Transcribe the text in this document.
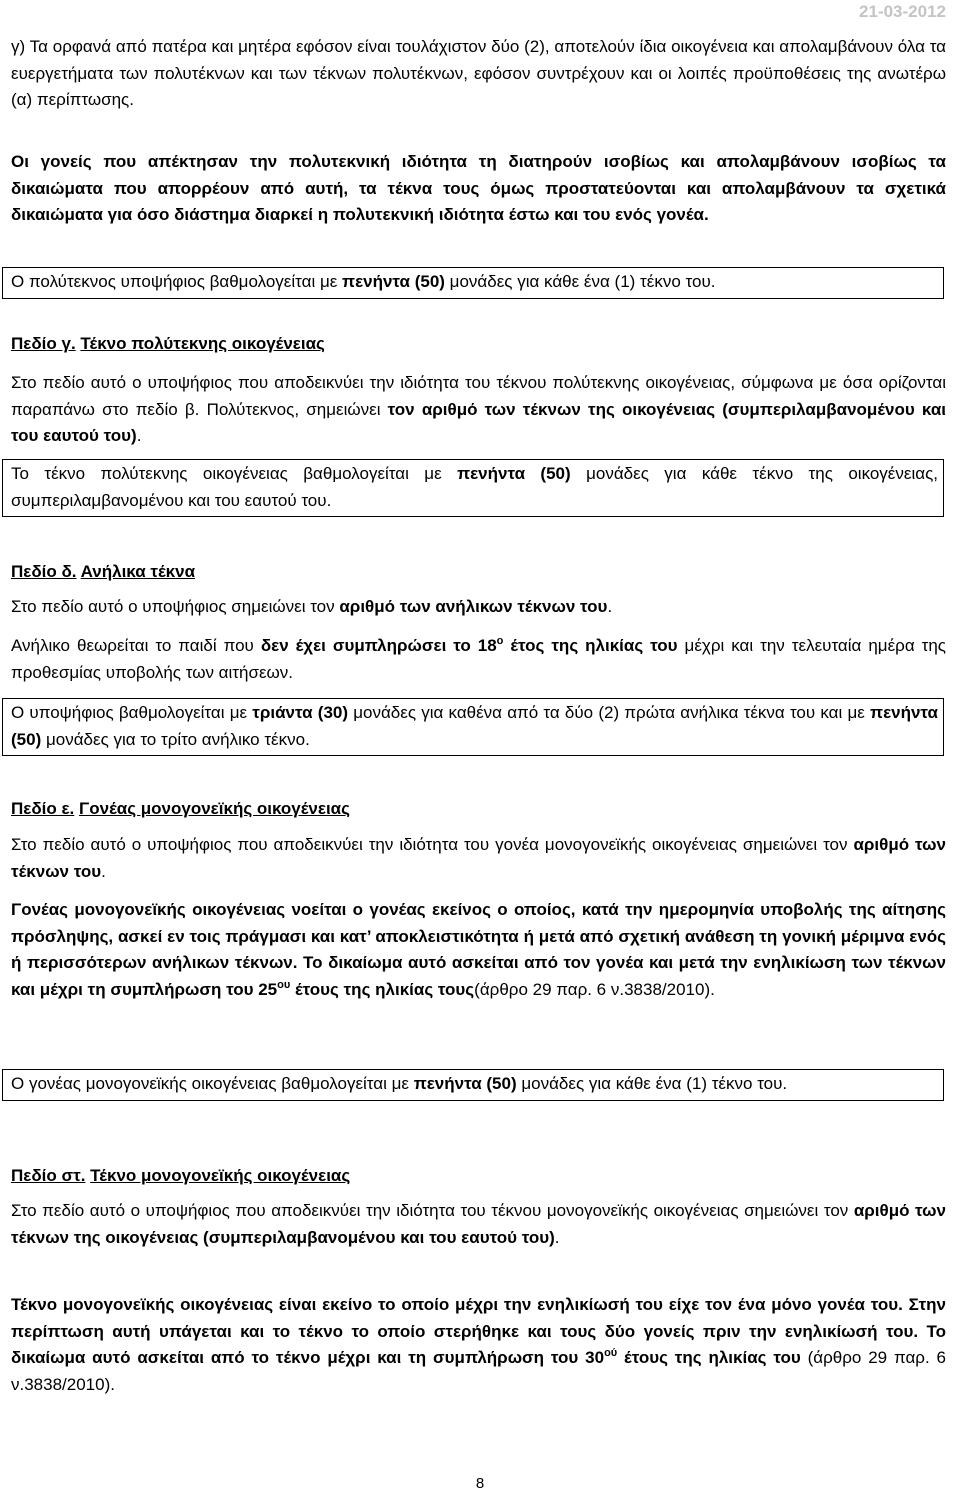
21-03-2012

γ) Τα ορφανά από πατέρα και μητέρα εφόσον είναι τουλάχιστον δύο (2), αποτελούν ίδια οικογένεια και απολαμβάνουν όλα τα ευεργετήματα των πολυτέκνων και των τέκνων πολυτέκνων, εφόσον συντρέχουν και οι λοιπές προϋποθέσεις της ανωτέρω (α) περίπτωσης.

Οι γονείς που απέκτησαν την πολυτεκνική ιδιότητα τη διατηρούν ισοβίως και απολαμβάνουν ισοβίως τα δικαιώματα που απορρέουν από αυτή, τα τέκνα τους όμως προστατεύονται και απολαμβάνουν τα σχετικά δικαιώματα για όσο διάστημα διαρκεί η πολυτεκνική ιδιότητα έστω και του ενός γονέα.

Ο πολύτεκνος υποψήφιος βαθμολογείται με πενήντα (50) μονάδες για κάθε ένα (1) τέκνο του.

Πεδίο γ. Τέκνο πολύτεκνης οικογένειας

Στο πεδίο αυτό ο υποψήφιος που αποδεικνύει την ιδιότητα του τέκνου πολύτεκνης οικογένειας, σύμφωνα με όσα ορίζονται παραπάνω στο πεδίο β. Πολύτεκνος, σημειώνει τον αριθμό των τέκνων της οικογένειας (συμπεριλαμβανομένου και του εαυτού του).

Το τέκνο πολύτεκνης οικογένειας βαθμολογείται με πενήντα (50) μονάδες για κάθε τέκνο της οικογένειας, συμπεριλαμβανομένου και του εαυτού του.

Πεδίο δ. Ανήλικα τέκνα

Στο πεδίο αυτό ο υποψήφιος σημειώνει τον αριθμό των ανήλικων τέκνων του.

Ανήλικο θεωρείται το παιδί που δεν έχει συμπληρώσει το $18^o$ έτος της ηλικίας του μέχρι και την τελευταία ημέρα της προθεσμίας υποβολής των αιτήσεων.

Ο υποψήφιος βαθμολογείται με τριάντα (30) μονάδες για καθένα από τα δύο (2) πρώτα ανήλικα τέκνα του και με πενήντα (50) μονάδες για το τρίτο ανήλικο τέκνο.

Πεδίο ε. Γονέας μονογονεϊκής οικογένειας

Στο πεδίο αυτό ο υποψήφιος που αποδεικνύει την ιδιότητα του γονέα μονογονεϊκής οικογένειας σημειώνει τον αριθμό των τέκνων του.

Γονέας μονογονεϊκής οικογένειας νοείται ο γονέας εκείνος ο οποίος, κατά την ημερομηνία υποβολής της αίτησης πρόσληψης, ασκεί εν τοις πράγμασι και κατ’ αποκλειστικότητα ή μετά από σχετική ανάθεση τη γονική μέριμνα ενός ή περισσότερων ανήλικων τέκνων. Το δικαίωμα αυτό ασκείται από τον γονέα και μετά την ενηλικίωση των τέκνων και μέχρι τη συμπλήρωση του $25^{o\upsilon}$ έτους της ηλικίας τους(άρθρο 29 παρ. 6 ν.3838/2010).

Ο γονέας μονογονεϊκής οικογένειας βαθμολογείται με πενήντα (50) μονάδες για κάθε ένα (1) τέκνο του.

Πεδίο στ. Τέκνο μονογονεϊκής οικογένειας

Στο πεδίο αυτό ο υποψήφιος που αποδεικνύει την ιδιότητα του τέκνου μονογονεϊκής οικογένειας σημειώνει τον αριθμό των τέκνων της οικογένειας (συμπεριλαμβανομένου και του εαυτού του).

Τέκνο μονογονεϊκής οικογένειας είναι εκείνο το οποίο μέχρι την ενηλικίωσή του είχε τον ένα μόνο γονέα του. Στην περίπτωση αυτή υπάγεται και το τέκνο το οποίο στερήθηκε και τους δύο γονείς πριν την ενηλικίωσή του. Το δικαίωμα αυτό ασκείται από το τέκνο μέχρι και τη συμπλήρωση του $30^{oύ}$ έτους της ηλικίας του (άρθρο 29 παρ. 6 ν.3838/2010).

8
